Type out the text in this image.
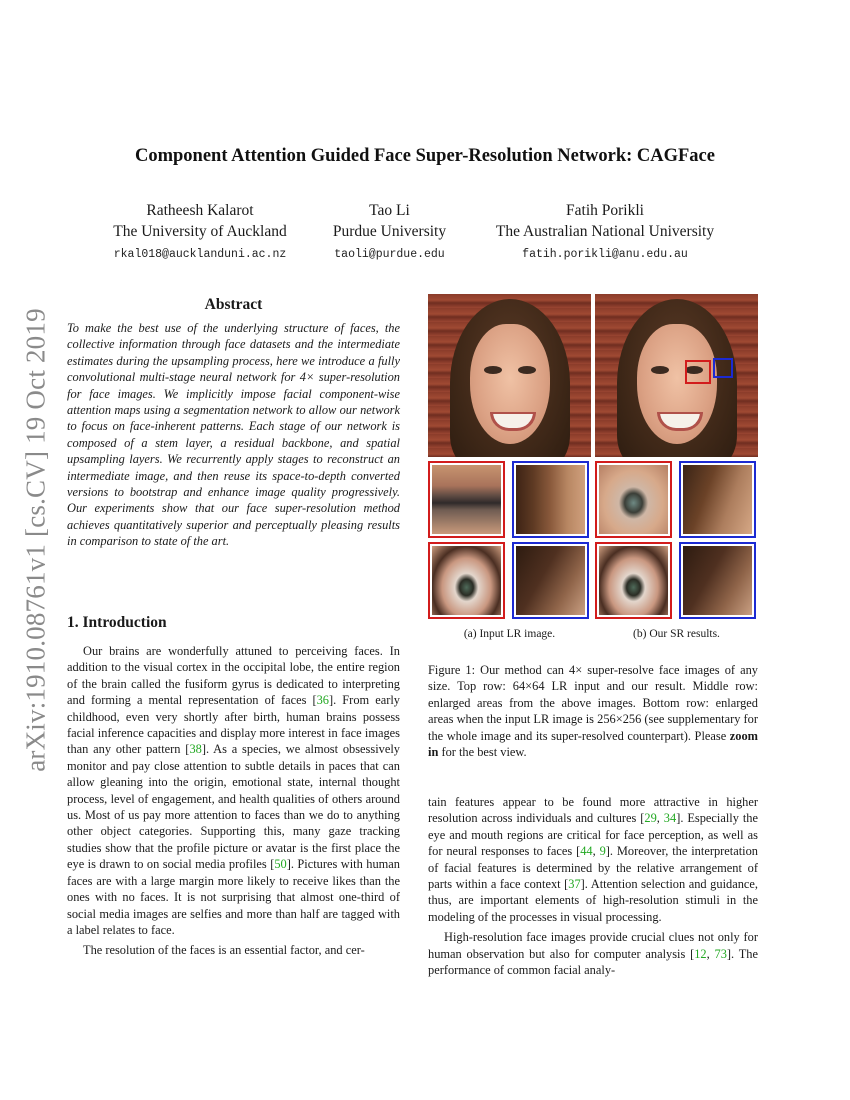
arXiv:1910.08761v1 [cs.CV] 19 Oct 2019
Component Attention Guided Face Super-Resolution Network: CAGFace
Ratheesh Kalarot
The University of Auckland
rkal018@aucklanduni.ac.nz
Tao Li
Purdue University
taoli@purdue.edu
Fatih Porikli
The Australian National University
fatih.porikli@anu.edu.au
Abstract
To make the best use of the underlying structure of faces, the collective information through face datasets and the intermediate estimates during the upsampling process, here we introduce a fully convolutional multi-stage neural network for 4× super-resolution for face images. We implicitly impose facial component-wise attention maps using a segmentation network to allow our network to focus on face-inherent patterns. Each stage of our network is composed of a stem layer, a residual backbone, and spatial upsampling layers. We recurrently apply stages to reconstruct an intermediate image, and then reuse its space-to-depth converted versions to bootstrap and enhance image quality progressively. Our experiments show that our face super-resolution method achieves quantitatively superior and perceptually pleasing results in comparison to state of the art.
1. Introduction

Our brains are wonderfully attuned to perceiving faces. In addition to the visual cortex in the occipital lobe, the entire region of the brain called the fusiform gyrus is dedicated to interpreting and forming a mental representation of faces [36]. From early childhood, even very shortly after birth, human brains possess facial inference capacities and display more interest in face images than any other pattern [38]. As a species, we almost obsessively monitor and pay close attention to subtle details in paces that can allow gleaning into the origin, emotional state, internal thought process, level of engagement, and health qualities of others around us. Most of us pay more attention to faces than we do to anything other object categories. Supporting this, many gaze tracking studies show that the profile picture or avatar is the first place the eye is drawn to on social media profiles [50]. Pictures with human faces are with a large margin more likely to receive likes than the ones with no faces. It is not surprising that almost one-third of social media images are selfies and more than half are tagged with a label relates to face.

The resolution of the faces is an essential factor, and cer-

(a) Input LR image.	(b) Our SR results.
Figure 1: Our method can 4× super-resolve face images of any size. Top row: 64×64 LR input and our result. Middle row: enlarged areas from the above images. Bottom row: enlarged areas when the input LR image is 256×256 (see supplementary for the whole image and its super-resolved counterpart). Please zoom in for the best view.

tain features appear to be found more attractive in higher resolution across individuals and cultures [29, 34]. Especially the eye and mouth regions are critical for face perception, as well as for neural responses to faces [44, 9]. Moreover, the interpretation of facial features is determined by the relative arrangement of parts within a face context [37]. Attention selection and guidance, thus, are important elements of high-resolution stimuli in the modeling of the processes in visual processing.

High-resolution face images provide crucial clues not only for human observation but also for computer analysis [12, 73]. The performance of common facial analy-
